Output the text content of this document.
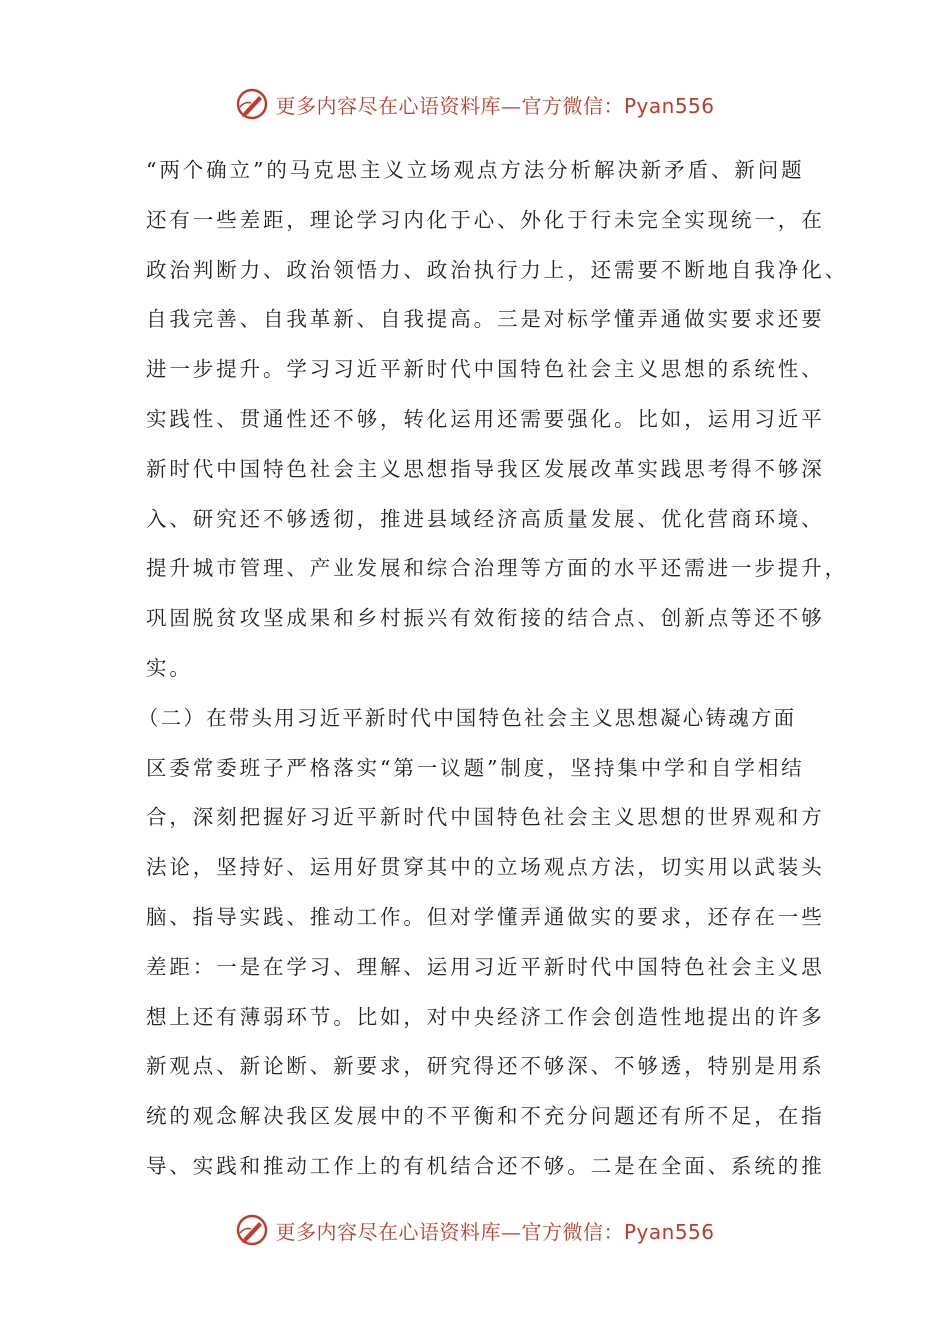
更多内容尽在心语资料库—官方微信：Pyan556
“两个确立”的马克思主义立场观点方法分析解决新矛盾、新问题
还有一些差距，理论学习内化于心、外化于行未完全实现统一，在
政治判断力、政治领悟力、政治执行力上，还需要不断地自我净化、
自我完善、自我革新、自我提高。三是对标学懂弄通做实要求还要
进一步提升。学习习近平新时代中国特色社会主义思想的系统性、
实践性、贯通性还不够，转化运用还需要强化。比如，运用习近平
新时代中国特色社会主义思想指导我区发展改革实践思考得不够深
入、研究还不够透彻，推进县域经济高质量发展、优化营商环境、
提升城市管理、产业发展和综合治理等方面的水平还需进一步提升，
巩固脱贫攻坚成果和乡村振兴有效衔接的结合点、创新点等还不够
实。
（二）在带头用习近平新时代中国特色社会主义思想凝心铸魂方面
区委常委班子严格落实“第一议题”制度，坚持集中学和自学相结
合，深刻把握好习近平新时代中国特色社会主义思想的世界观和方
法论，坚持好、运用好贯穿其中的立场观点方法，切实用以武装头
脑、指导实践、推动工作。但对学懂弄通做实的要求，还存在一些
差距：一是在学习、理解、运用习近平新时代中国特色社会主义思
想上还有薄弱环节。比如，对中央经济工作会创造性地提出的许多
新观点、新论断、新要求，研究得还不够深、不够透，特别是用系
统的观念解决我区发展中的不平衡和不充分问题还有所不足，在指
导、实践和推动工作上的有机结合还不够。二是在全面、系统的推
更多内容尽在心语资料库—官方微信：Pyan556
